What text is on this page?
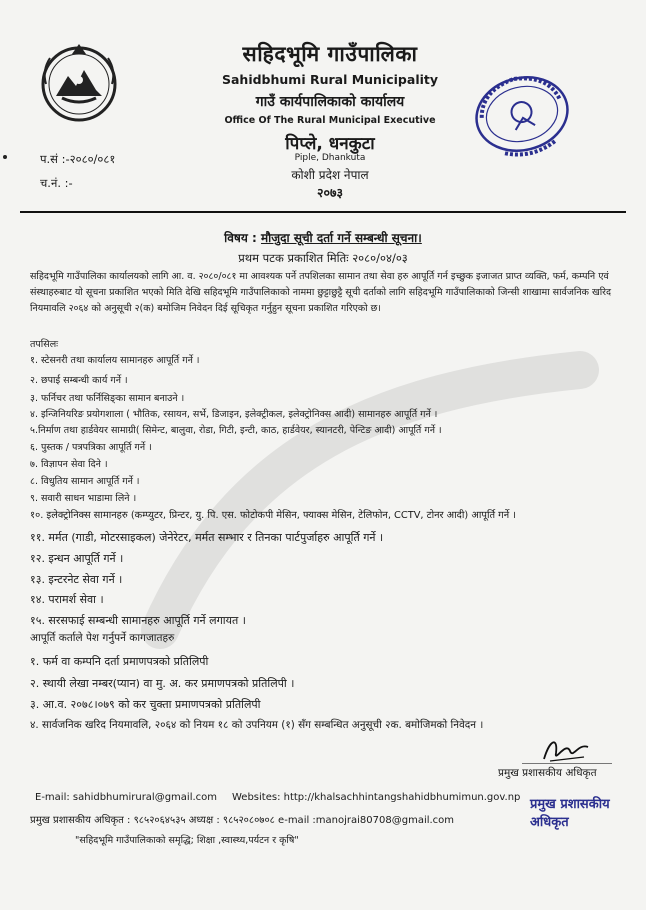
सहिदभूमि गाउँपालिका
Sahidbhumi Rural Municipality
गाउँ कार्यपालिकाको कार्यालय
Office Of The Rural Municipal Executive
पिप्ले, धनकुटा
Piple, Dhankuta
कोशी प्रदेश नेपाल
२०७३
प.सं :-२०८०/०८१
च.नं. :-
विषय : मौजुदा सूची दर्ता गर्ने सम्बन्धी सूचना।
प्रथम पटक प्रकाशित मितिः २०८०/०४/०३
सहिदभूमि गाउँपालिका कार्यालयको लागि आ. व. २०८०/०८१ मा आवश्यक पर्ने तपशिलका सामान तथा सेवा हरु आपूर्ति गर्न इच्छुक इजाजत प्राप्त व्यक्ति, फर्म, कम्पनि एवं संस्थाहरुबाट यो सूचना प्रकाशित भएको मिति देखि सहिदभूमि गाउँपालिकाको नाममा छुट्टाछुट्टै सूची दर्ताको लागि सहिदभूमि गाउँपालिकाको जिन्सी शाखामा सार्वजनिक खरिद नियमावलि २०६४ को अनुसूची २(क) बमोजिम निवेदन दिई सूचिकृत गर्नुहुन सूचना प्रकाशित गरिएको छ।
तपसिलः
१. स्टेसनरी तथा कार्यालय सामानहरु आपूर्ति गर्ने ।
२. छपाई सम्बन्धी कार्य गर्ने ।
३. फर्निचर तथा फर्निसिङ्‌का सामान बनाउने ।
४. इन्जिनियरिङ प्रयोगशाला ( भौतिक, रसायन, सर्भे, डिजाइन, इलेक्ट्रीकल, इलेक्ट्रोनिक्स आदी) सामानहरु आपूर्ति गर्ने ।
५.निर्माण तथा हार्डवेयर सामाग्री( सिमेन्ट, बालुवा, रोडा, गिटी, इन्टी, काठ, हार्डवेयर, स्यानटरी, पेन्टिङ आदी) आपूर्ति गर्ने ।
६. पुस्तक / पत्रपत्रिका आपूर्ति गर्ने ।
७. विज्ञापन सेवा दिने ।
८. विधुतिय सामान आपूर्ति गर्ने ।
९. सवारी साधन भाडामा लिने ।
१०. इलेक्ट्रोनिक्स सामानहरु (कम्प्युटर, प्रिन्टर, यु. पि. एस. फोटोकपी मेसिन, फ्याक्स मेसिन, टेलिफोन, CCTV, टोनर आदी) आपूर्ति गर्ने ।
११. मर्मत (गाडी, मोटरसाइकल) जेनेरेटर, मर्मत सम्भार र तिनका पार्टपुर्जाहरु आपूर्ति गर्ने ।
१२. इन्धन आपूर्ति गर्ने ।
१३. इन्टरनेट सेवा गर्ने ।
१४. परामर्श सेवा ।
१५. सरसफाई सम्बन्धी सामानहरु आपूर्ति गर्ने लगायत ।
आपूर्ति कर्ताले पेश गर्नुपर्ने कागजातहरु
१. फर्म वा कम्पनि दर्ता प्रमाणपत्रको प्रतिलिपी
२. स्थायी लेखा नम्बर(प्यान) वा मु. अ. कर प्रमाणपत्रको प्रतिलिपी ।
३. आ.व. २०७८।०७९ को कर चुक्ता प्रमाणपत्रको प्रतिलिपी
४. सार्वजनिक खरिद नियमावलि, २०६४ को नियम १८ को उपनियम (१) सँग सम्बन्धित अनुसूची २क. बमोजिमको निवेदन ।
प्रमुख प्रशासकीय अधिकृत
E-mail: sahidbhumirural@gmail.com Websites: http://khalsachhintangshahidbhumimun.gov.np प्रमुख प्रशासकीय अधिकृत
प्रमुख प्रशासकीय अधिकृत : ९८५२०६४५३५ अध्यक्ष : ९८५२०८०७०८ e-mail :manojrai80708@gmail.com
"सहिदभूमि गाउँपालिकाको समृद्धि; शिक्षा ,स्वास्थ्य,पर्यटन र कृषि"
